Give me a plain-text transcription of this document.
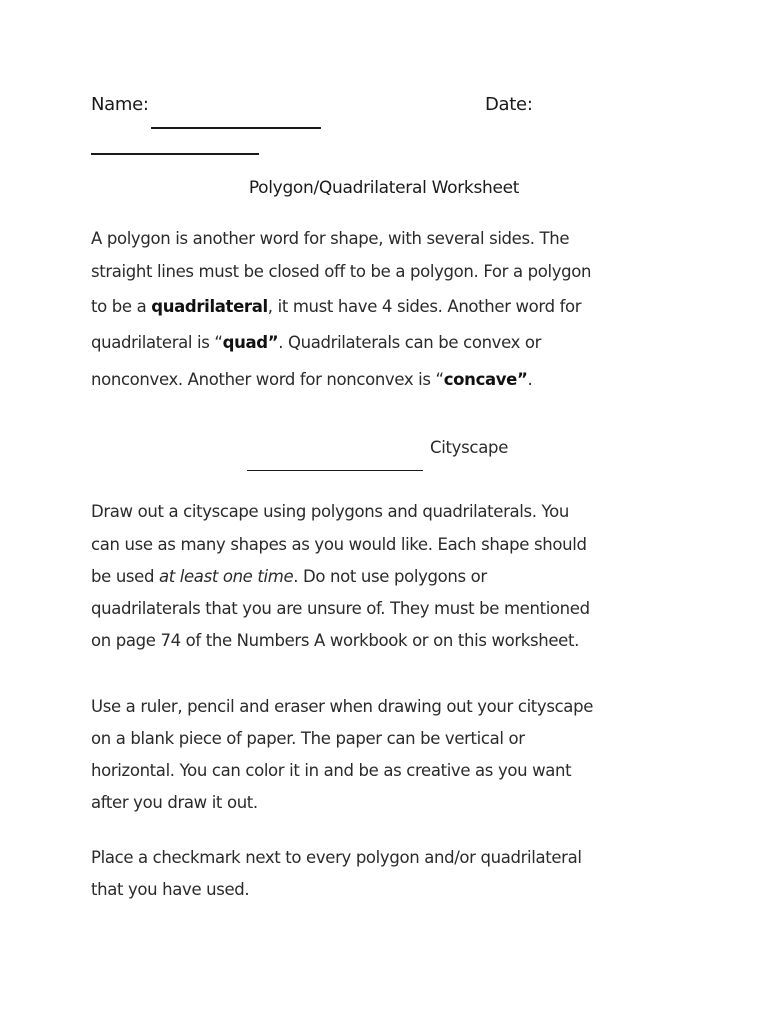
Name:	Date:
Polygon/Quadrilateral Worksheet
A polygon is another word for shape, with several sides. The
straight lines must be closed off to be a polygon. For a polygon
to be a quadrilateral, it must have 4 sides. Another word for
quadrilateral is “quad”. Quadrilaterals can be convex or
nonconvex. Another word for nonconvex is “concave”.
Cityscape
Draw out a cityscape using polygons and quadrilaterals. You
can use as many shapes as you would like. Each shape should
be used at least one time. Do not use polygons or
quadrilaterals that you are unsure of. They must be mentioned
on page 74 of the Numbers A workbook or on this worksheet.
Use a ruler, pencil and eraser when drawing out your cityscape
on a blank piece of paper. The paper can be vertical or
horizontal. You can color it in and be as creative as you want
after you draw it out.
Place a checkmark next to every polygon and/or quadrilateral
that you have used.
